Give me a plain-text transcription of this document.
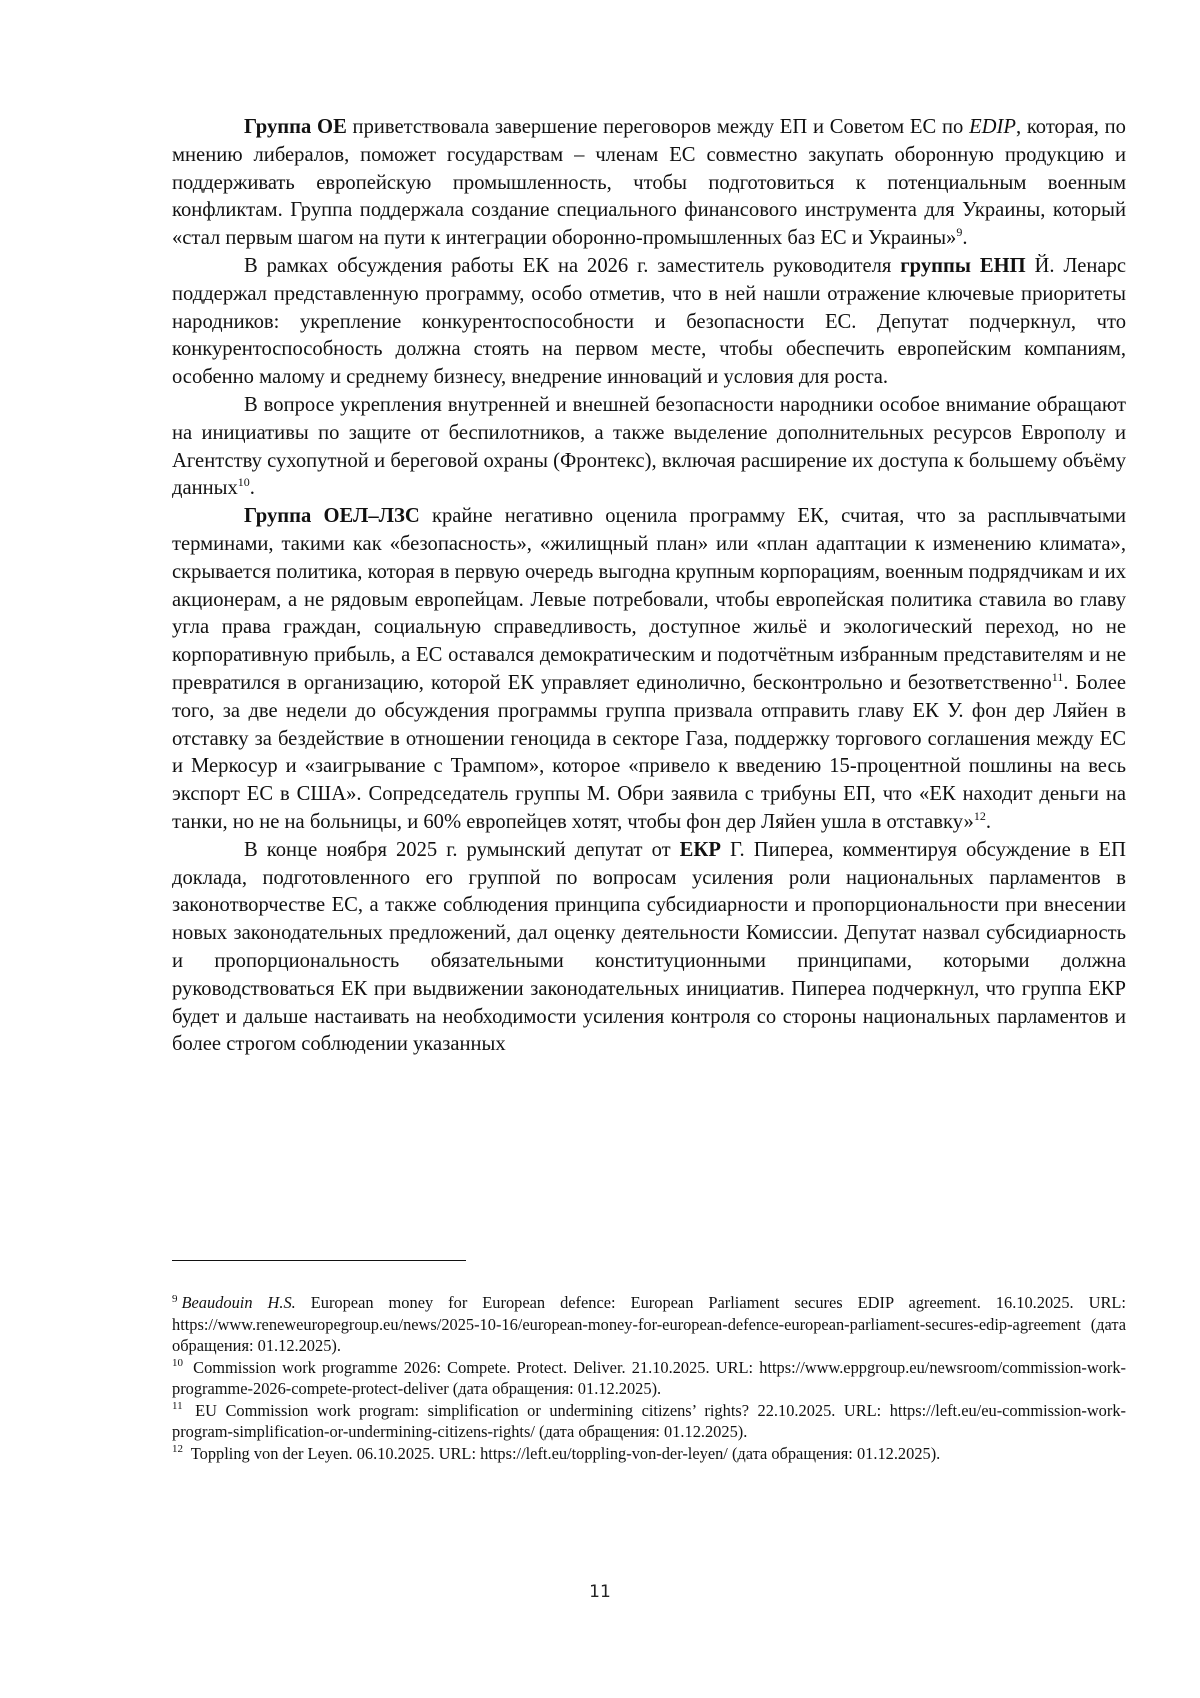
Группа ОЕ приветствовала завершение переговоров между ЕП и Советом ЕС по EDIP, которая, по мнению либералов, поможет государствам – членам ЕС совместно закупать оборонную продукцию и поддерживать европейскую промышленность, чтобы подготовиться к потенциальным военным конфликтам. Группа поддержала создание специального финансового инструмента для Украины, который «стал первым шагом на пути к интеграции оборонно-промышленных баз ЕС и Украины»$^9$.

В рамках обсуждения работы ЕК на 2026 г. заместитель руководителя группы ЕНП Й. Ленарс поддержал представленную программу, особо отметив, что в ней нашли отражение ключевые приоритеты народников: укрепление конкурентоспособности и безопасности ЕС. Депутат подчеркнул, что конкурентоспособность должна стоять на первом месте, чтобы обеспечить европейским компаниям, особенно малому и среднему бизнесу, внедрение инноваций и условия для роста.

В вопросе укрепления внутренней и внешней безопасности народники особое внимание обращают на инициативы по защите от беспилотников, а также выделение дополнительных ресурсов Европолу и Агентству сухопутной и береговой охраны (Фронтекс), включая расширение их доступа к большему объёму данных$^{10}$.

Группа ОЕЛ–ЛЗС крайне негативно оценила программу ЕК, считая, что за расплывчатыми терминами, такими как «безопасность», «жилищный план» или «план адаптации к изменению климата», скрывается политика, которая в первую очередь выгодна крупным корпорациям, военным подрядчикам и их акционерам, а не рядовым европейцам. Левые потребовали, чтобы европейская политика ставила во главу угла права граждан, социальную справедливость, доступное жильё и экологический переход, но не корпоративную прибыль, а ЕС оставался демократическим и подотчётным избранным представителям и не превратился в организацию, которой ЕК управляет единолично, бесконтрольно и безответственно$^{11}$. Более того, за две недели до обсуждения программы группа призвала отправить главу ЕК У. фон дер Ляйен в отставку за бездействие в отношении геноцида в секторе Газа, поддержку торгового соглашения между ЕС и Меркосур и «заигрывание с Трампом», которое «привело к введению 15-процентной пошлины на весь экспорт ЕС в США». Сопредседатель группы М. Обри заявила с трибуны ЕП, что «ЕК находит деньги на танки, но не на больницы, и 60% европейцев хотят, чтобы фон дер Ляйен ушла в отставку»$^{12}$.

В конце ноября 2025 г. румынский депутат от ЕКР Г. Пиперea, комментируя обсуждение в ЕП доклада, подготовленного его группой по вопросам усиления роли национальных парламентов в законотворчестве ЕС, а также соблюдения принципа субсидиарности и пропорциональности при внесении новых законодательных предложений, дал оценку деятельности Комиссии. Депутат назвал субсидиарность и пропорциональность обязательными конституционными принципами, которыми должна руководствоваться ЕК при выдвижении законодательных инициатив. Пиперea подчеркнул, что группа ЕКР будет и дальше настаивать на необходимости усиления контроля со стороны национальных парламентов и более строгом соблюдении указанных

$^9$ Beaudouin H.S. European money for European defence: European Parliament secures EDIP agreement. 16.10.2025. URL: https://www.reneweuropegroup.eu/news/2025-10-16/european-money-for-european-defence-european-parliament-secures-edip-agreement (дата обращения: 01.12.2025).

$^{10}$ Commission work programme 2026: Compete. Protect. Deliver. 21.10.2025. URL: https://www.eppgroup.eu/newsroom/commission-work-programme-2026-compete-protect-deliver (дата обращения: 01.12.2025).

$^{11}$ EU Commission work program: simplification or undermining citizens’ rights? 22.10.2025. URL: https://left.eu/eu-commission-work-program-simplification-or-undermining-citizens-rights/ (дата обращения: 01.12.2025).

$^{12}$ Toppling von der Leyen. 06.10.2025. URL: https://left.eu/toppling-von-der-leyen/ (дата обращения: 01.12.2025).

11
